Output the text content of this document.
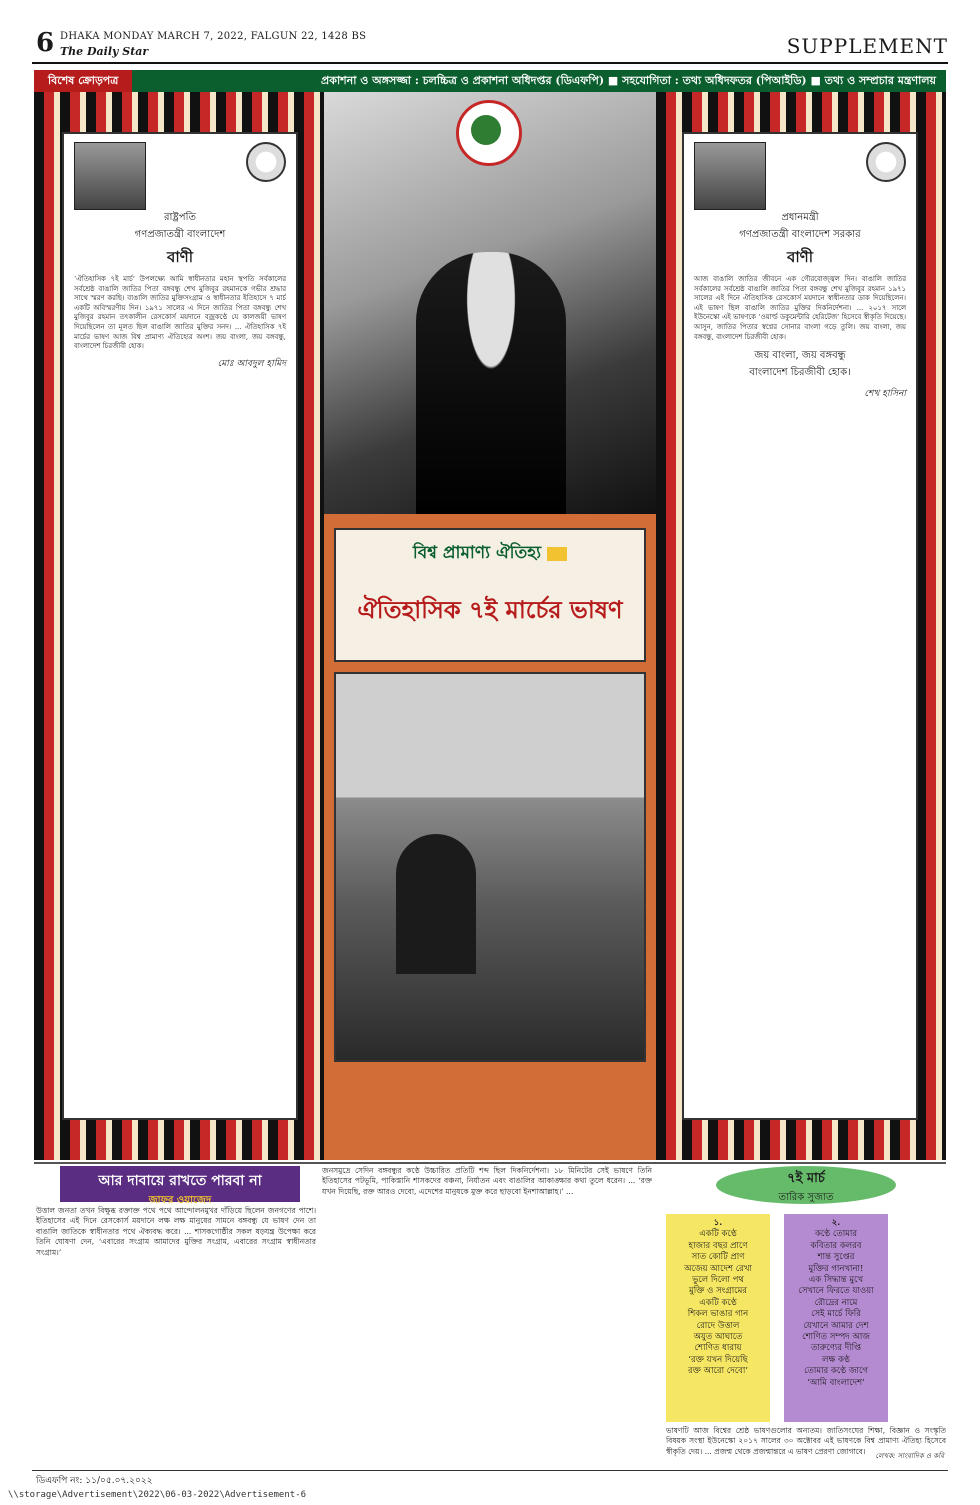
6 DHAKA MONDAY MARCH 7, 2022, FALGUN 22, 1428 BS
The Daily Star	SUPPLEMENT
বিশেষ ক্রোড়পত্র	প্রকাশনা ও অঙ্গসজ্জা : চলচ্চিত্র ও প্রকাশনা অধিদপ্তর (ডিএফপি) ■ সহযোগিতা : তথ্য অধিদফতর (পিআইডি) ■ তথ্য ও সম্প্রচার মন্ত্রণালয়
রাষ্ট্রপতি
গণপ্রজাতন্ত্রী বাংলাদেশ
বাণী
‘ঐতিহাসিক ৭ই মার্চ’ উপলক্ষ্যে আমি স্বাধীনতার মহান স্থপতি সর্বকালের সর্বশ্রেষ্ঠ বাঙালি জাতির পিতা বঙ্গবন্ধু শেখ মুজিবুর রহমানকে গভীর শ্রদ্ধার সাথে স্মরণ করছি। বাঙালি জাতির মুক্তিসংগ্রাম ও স্বাধীনতার ইতিহাসে ৭ মার্চ একটি অবিস্মরণীয় দিন। ১৯৭১ সালের এ দিনে জাতির পিতা বঙ্গবন্ধু শেখ মুজিবুর রহমান তৎকালীন রেসকোর্স ময়দানে বজ্রকণ্ঠে যে কালজয়ী ভাষণ দিয়েছিলেন তা মূলত ছিল বাঙালি জাতির মুক্তির সনদ। ... ঐতিহাসিক ৭ই মার্চের ভাষণ আজ বিশ্ব প্রামাণ্য ঐতিহ্যের অংশ। জয় বাংলা, জয় বঙ্গবন্ধু, বাংলাদেশ চিরজীবী হোক।
মোঃ আবদুল হামিদ
বিশ্ব প্রামাণ্য ঐতিহ্য
ঐতিহাসিক ৭ই মার্চের ভাষণ
প্রধানমন্ত্রী
গণপ্রজাতন্ত্রী বাংলাদেশ সরকার
বাণী
আজ বাঙালি জাতির জীবনে এক গৌরবোজ্জ্বল দিন। বাঙালি জাতির সর্বকালের সর্বশ্রেষ্ঠ বাঙালি জাতির পিতা বঙ্গবন্ধু শেখ মুজিবুর রহমান ১৯৭১ সালের এই দিনে ঐতিহাসিক রেসকোর্স ময়দানে স্বাধীনতার ডাক দিয়েছিলেন। এই ভাষণ ছিল বাঙালি জাতির মুক্তির দিকনির্দেশনা। ... ২০১৭ সালে ইউনেস্কো এই ভাষণকে ‘ওয়ার্ল্ড ডকুমেন্টারি হেরিটেজ’ হিসেবে স্বীকৃতি দিয়েছে। আসুন, জাতির পিতার স্বপ্নের সোনার বাংলা গড়ে তুলি। জয় বাংলা, জয় বঙ্গবন্ধু, বাংলাদেশ চিরজীবী হোক।
জয় বাংলা, জয় বঙ্গবন্ধু
বাংলাদেশ চিরজীবী হোক।
শেখ হাসিনা
আর দাবায়ে রাখতে পারবা না
জাফর ওয়াজেদ
উত্তাল জনতা তখন বিক্ষুব্ধ রক্তাক্ত পথে পথে আন্দোলনমুখর দাঁড়িয়ে ছিলেন জনগণের পাশে। ইতিহাসের এই দিনে রেসকোর্স ময়দানে লক্ষ লক্ষ মানুষের সামনে বঙ্গবন্ধু যে ভাষণ দেন তা বাঙালি জাতিকে স্বাধীনতার পথে ঐক্যবদ্ধ করে। ... শাসকগোষ্ঠীর সকল ষড়যন্ত্র উপেক্ষা করে তিনি ঘোষণা দেন, ‘এবারের সংগ্রাম আমাদের মুক্তির সংগ্রাম, এবারের সংগ্রাম স্বাধীনতার সংগ্রাম।’
জনসমুদ্রে সেদিন বঙ্গবন্ধুর কণ্ঠে উচ্চারিত প্রতিটি শব্দ ছিল দিকনির্দেশনা। ১৮ মিনিটের সেই ভাষণে তিনি ইতিহাসের পটভূমি, পাকিস্তানি শাসকদের বঞ্চনা, নির্যাতন এবং বাঙালির আকাঙ্ক্ষার কথা তুলে ধরেন। ... ‘রক্ত যখন দিয়েছি, রক্ত আরও দেবো, এদেশের মানুষকে মুক্ত করে ছাড়বো ইনশাআল্লাহ।’ ...
৭ই মার্চ
তারিক সুজাত
১.
একটি কণ্ঠে
হাজার বছর প্রাণে
সাত কোটি প্রাণ
অজেয় আদেশ রেখা
ভুলে দিলো পথ
মুক্তি ও সংগ্রামের
একটি কণ্ঠে
শিকল ভাঙার গান
রোদে উত্তাল
অযুত আঘাতে
শোণিত ধারায়
‘রক্ত যখন দিয়েছি
রক্ত আরো দেবো’
২.
কণ্ঠে তোমার
কবিতার কলরব
শান্ত সুপ্তের
মুক্তির গানখানা!
এক সিদ্ধান্ত মুখে
সেখানে ফিরতে যাওয়া
রৌদ্রের নামে
সেই মার্চে ফিরি
যেখানে আমার দেশ
শোণিত সম্পদ আজ
তারুণ্যের দীপ্তি
লক্ষ কণ্ঠ
তোমার কণ্ঠে জাগে
‘আমি বাংলাদেশ’
ভাষণটি আজ বিশ্বের শ্রেষ্ঠ ভাষণগুলোর অন্যতম। জাতিসংঘের শিক্ষা, বিজ্ঞান ও সংস্কৃতি বিষয়ক সংস্থা ইউনেস্কো ২০১৭ সালের ৩০ অক্টোবর এই ভাষণকে বিশ্ব প্রামাণ্য ঐতিহ্য হিসেবে স্বীকৃতি দেয়। ... প্রজন্ম থেকে প্রজন্মান্তরে এ ভাষণ প্রেরণা জোগাবে।
লেখক: সাংবাদিক ও কবি
ডিএফপি নং: ১১/০৫.০৭.২০২২
\\storage\Advertisement\2022\06-03-2022\Advertisement-6
